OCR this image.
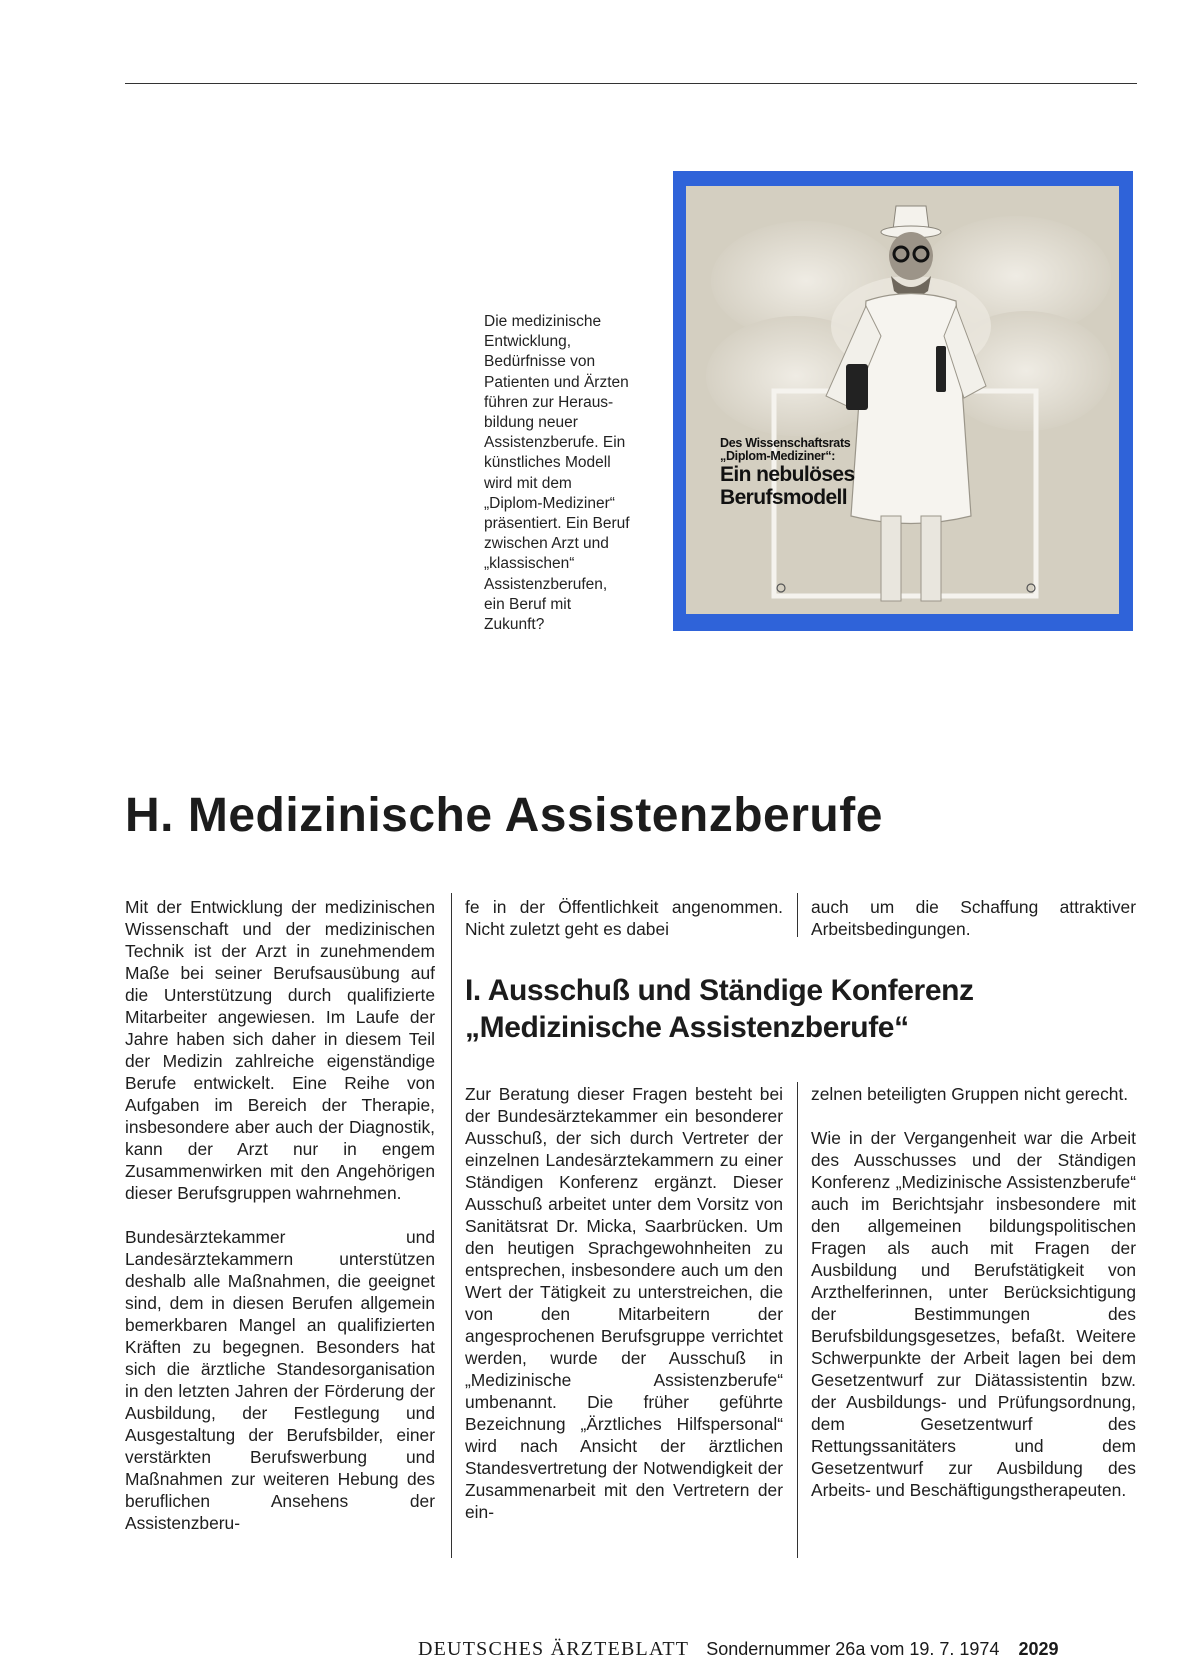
Die medizinische

Entwicklung,

Bedürfnisse von

Patienten und Ärzten

führen zur Heraus-

bildung neuer

Assistenzberufe. Ein

künstliches Modell

wird mit dem

„Diplom-Mediziner“

präsentiert. Ein Beruf

zwischen Arzt und

„klassischen“

Assistenzberufen,

ein Beruf mit

Zukunft?

Des Wissenschaftsrats
„Diplom-Mediziner“:
Ein nebulöses
Berufsmodell
H. Medizinische Assistenzberufe

Mit der Entwicklung der medizinischen Wissenschaft und der medizinischen Technik ist der Arzt in zunehmendem Maße bei seiner Berufsausübung auf die Unterstützung durch qualifizierte Mitarbeiter angewiesen. Im Laufe der Jahre haben sich daher in diesem Teil der Medizin zahlreiche eigenständige Berufe entwickelt. Eine Reihe von Aufgaben im Bereich der Therapie, insbesondere aber auch der Diagnostik, kann der Arzt nur in engem Zusammenwirken mit den Angehörigen dieser Berufsgruppen wahrnehmen.

Bundesärztekammer und Landesärztekammern unterstützen deshalb alle Maßnahmen, die geeignet sind, dem in diesen Berufen allgemein bemerkbaren Mangel an qualifizierten Kräften zu begegnen. Besonders hat sich die ärztliche Standesorganisation in den letzten Jahren der Förderung der Ausbildung, der Festlegung und Ausgestaltung der Berufsbilder, einer verstärkten Berufswerbung und Maßnahmen zur weiteren Hebung des beruflichen Ansehens der Assistenzberu-

fe in der Öffentlichkeit angenommen. Nicht zuletzt geht es dabei

auch um die Schaffung attraktiver Arbeitsbedingungen.

I. Ausschuß und Ständige Konferenz
„Medizinische Assistenzberufe“

Zur Beratung dieser Fragen besteht bei der Bundesärztekammer ein besonderer Ausschuß, der sich durch Vertreter der einzelnen Landesärztekammern zu einer Ständigen Konferenz ergänzt. Dieser Ausschuß arbeitet unter dem Vorsitz von Sanitätsrat Dr. Micka, Saarbrücken. Um den heutigen Sprachgewohnheiten zu entsprechen, insbesondere auch um den Wert der Tätigkeit zu unterstreichen, die von den Mitarbeitern der angesprochenen Berufsgruppe verrichtet werden, wurde der Ausschuß in „Medizinische Assistenzberufe“ umbenannt. Die früher geführte Bezeichnung „Ärztliches Hilfspersonal“ wird nach Ansicht der ärztlichen Standesvertretung der Notwendigkeit der Zusammenarbeit mit den Vertretern der ein-

zelnen beteiligten Gruppen nicht gerecht.

Wie in der Vergangenheit war die Arbeit des Ausschusses und der Ständigen Konferenz „Medizinische Assistenzberufe“ auch im Berichtsjahr insbesondere mit den allgemeinen bildungspolitischen Fragen als auch mit Fragen der Ausbildung und Berufstätigkeit von Arzthelferinnen, unter Berücksichtigung der Bestimmungen des Berufsbildungsgesetzes, befaßt. Weitere Schwerpunkte der Arbeit lagen bei dem Gesetzentwurf zur Diätassistentin bzw. der Ausbildungs- und Prüfungsordnung, dem Gesetzentwurf des Rettungssanitäters und dem Gesetzentwurf zur Ausbildung des Arbeits- und Beschäftigungstherapeuten.

DEUTSCHES ÄRZTEBLATT Sondernummer 26a vom 19. 7. 1974 2029
